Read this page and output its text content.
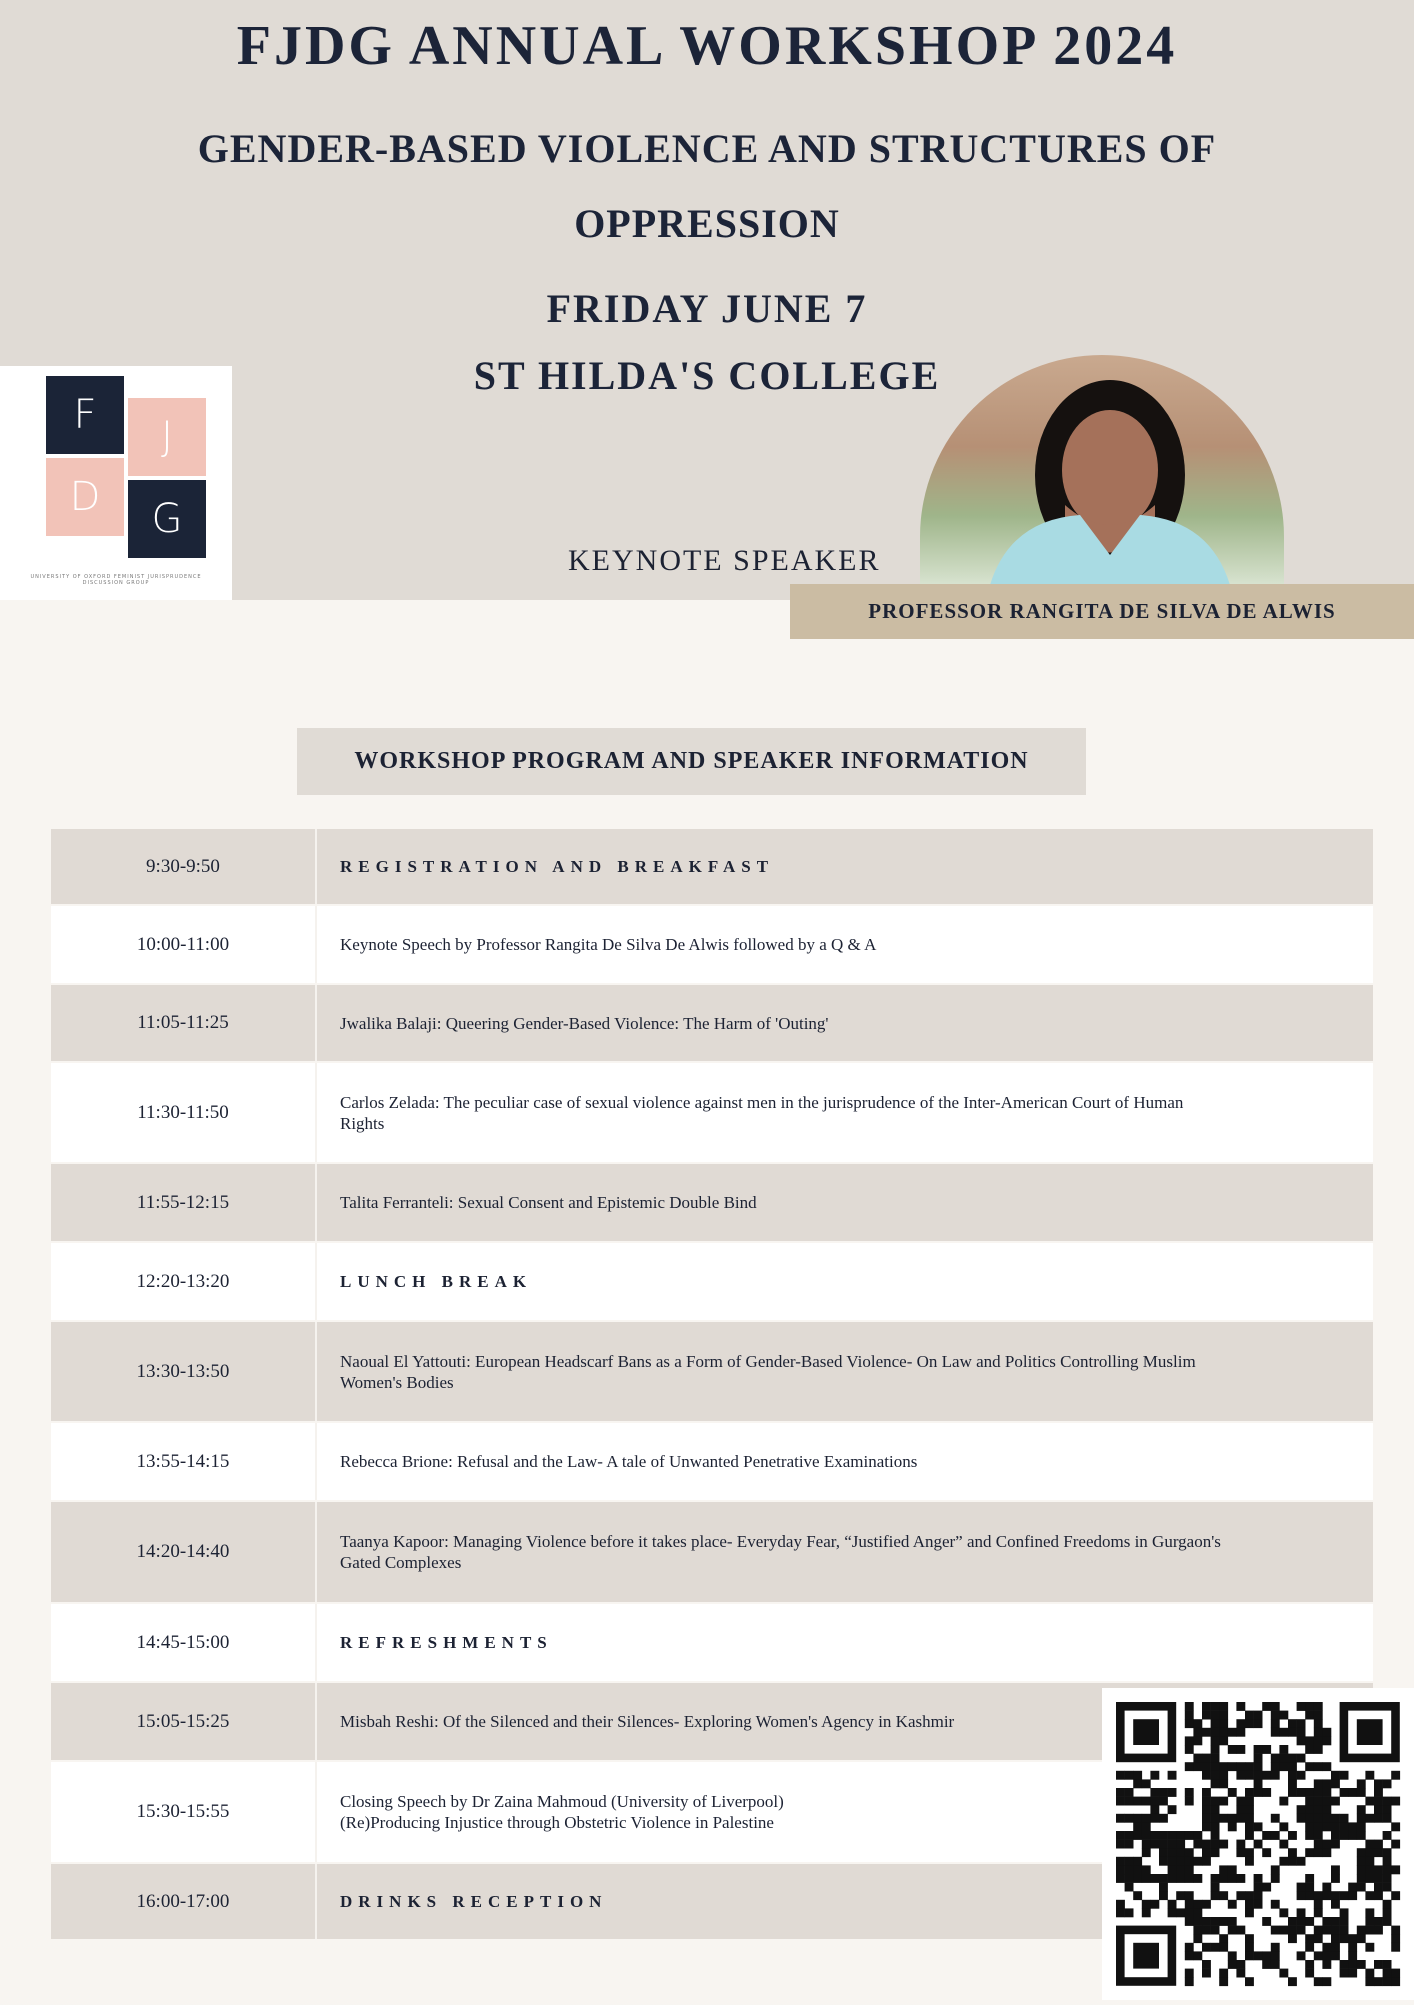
FJDG ANNUAL WORKSHOP 2024
GENDER-BASED VIOLENCE AND STRUCTURES OF
OPPRESSION
FRIDAY JUNE 7
ST HILDA'S COLLEGE
F	J
D	G
UNIVERSITY OF OXFORD FEMINIST JURISPRUDENCE DISCUSSION GROUP
KEYNOTE SPEAKER
PROFESSOR RANGITA DE SILVA DE ALWIS
WORKSHOP PROGRAM AND SPEAKER INFORMATION
9:30-9:50	REGISTRATION AND BREAKFAST
10:00-11:00	Keynote Speech by Professor Rangita De Silva De Alwis followed by a Q & A
11:05-11:25	Jwalika Balaji: Queering Gender-Based Violence: The Harm of 'Outing'
11:30-11:50	Carlos Zelada: The peculiar case of sexual violence against men in the jurisprudence of the Inter-American Court of Human
Rights
11:55-12:15	Talita Ferranteli: Sexual Consent and Epistemic Double Bind
12:20-13:20	LUNCH BREAK
13:30-13:50	Naoual El Yattouti: European Headscarf Bans as a Form of Gender-Based Violence- On Law and Politics Controlling Muslim
Women's Bodies
13:55-14:15	Rebecca Brione: Refusal and the Law- A tale of Unwanted Penetrative Examinations
14:20-14:40	Taanya Kapoor: Managing Violence before it takes place- Everyday Fear, “Justified Anger” and Confined Freedoms in Gurgaon's
Gated Complexes
14:45-15:00	REFRESHMENTS
15:05-15:25	Misbah Reshi: Of the Silenced and their Silences- Exploring Women's Agency in Kashmir
15:30-15:55	Closing Speech by Dr Zaina Mahmoud (University of Liverpool)
(Re)Producing Injustice through Obstetric Violence in Palestine
16:00-17:00	DRINKS RECEPTION
